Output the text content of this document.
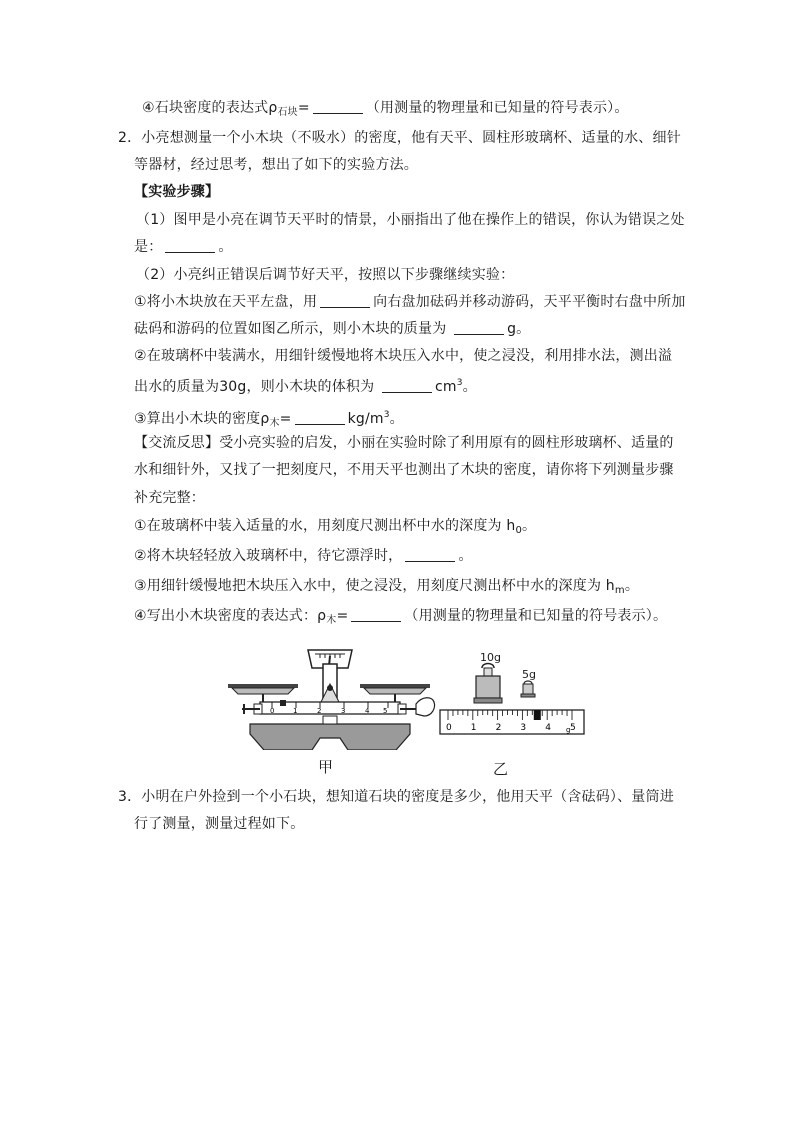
④石块密度的表达式$\rho_{石块}=$	（用测量的物理量和已知量的符号表示）。
2．小亮想测量一个小木块（不吸水）的密度，他有天平、圆柱形玻璃杯、适量的水、细针
等器材，经过思考，想出了如下的实验方法。
【实验步骤】
（1）图甲是小亮在调节天平时的情景，小丽指出了他在操作上的错误，你认为错误之处
是：	。
（2）小亮纠正错误后调节好天平，按照以下步骤继续实验：
①将小木块放在天平左盘，用	向右盘加砝码并移动游码，天平平衡时右盘中所加
砝码和游码的位置如图乙所示，则小木块的质量为	g。
②在玻璃杯中装满水，用细针缓慢地将木块压入水中，使之浸没，利用排水法，测出溢
出水的质量为30g，则小木块的体积为	$cm^3$。
③算出小木块的密度$\rho_木=$	$kg/m^3$。
【交流反思】受小亮实验的启发，小丽在实验时除了利用原有的圆柱形玻璃杯、适量的
水和细针外，又找了一把刻度尺，不用天平也测出了木块的密度，请你将下列测量步骤
补充完整：
①在玻璃杯中装入适量的水，用刻度尺测出杯中水的深度为 $h_0$。
②将木块轻轻放入玻璃杯中，待它漂浮时，	。
③用细针缓慢地把木块压入水中，使之浸没，用刻度尺测出杯中水的深度为 $h_m$。
④写出小木块密度的表达式：$\rho_木=$	（用测量的物理量和已知量的符号表示）。
0	1	2	3	4 5
0 1 2 3 4 5
g
甲	乙
10g
5g
3．小明在户外捡到一个小石块，想知道石块的密度是多少，他用天平（含砝码）、量筒进
行了测量，测量过程如下。
